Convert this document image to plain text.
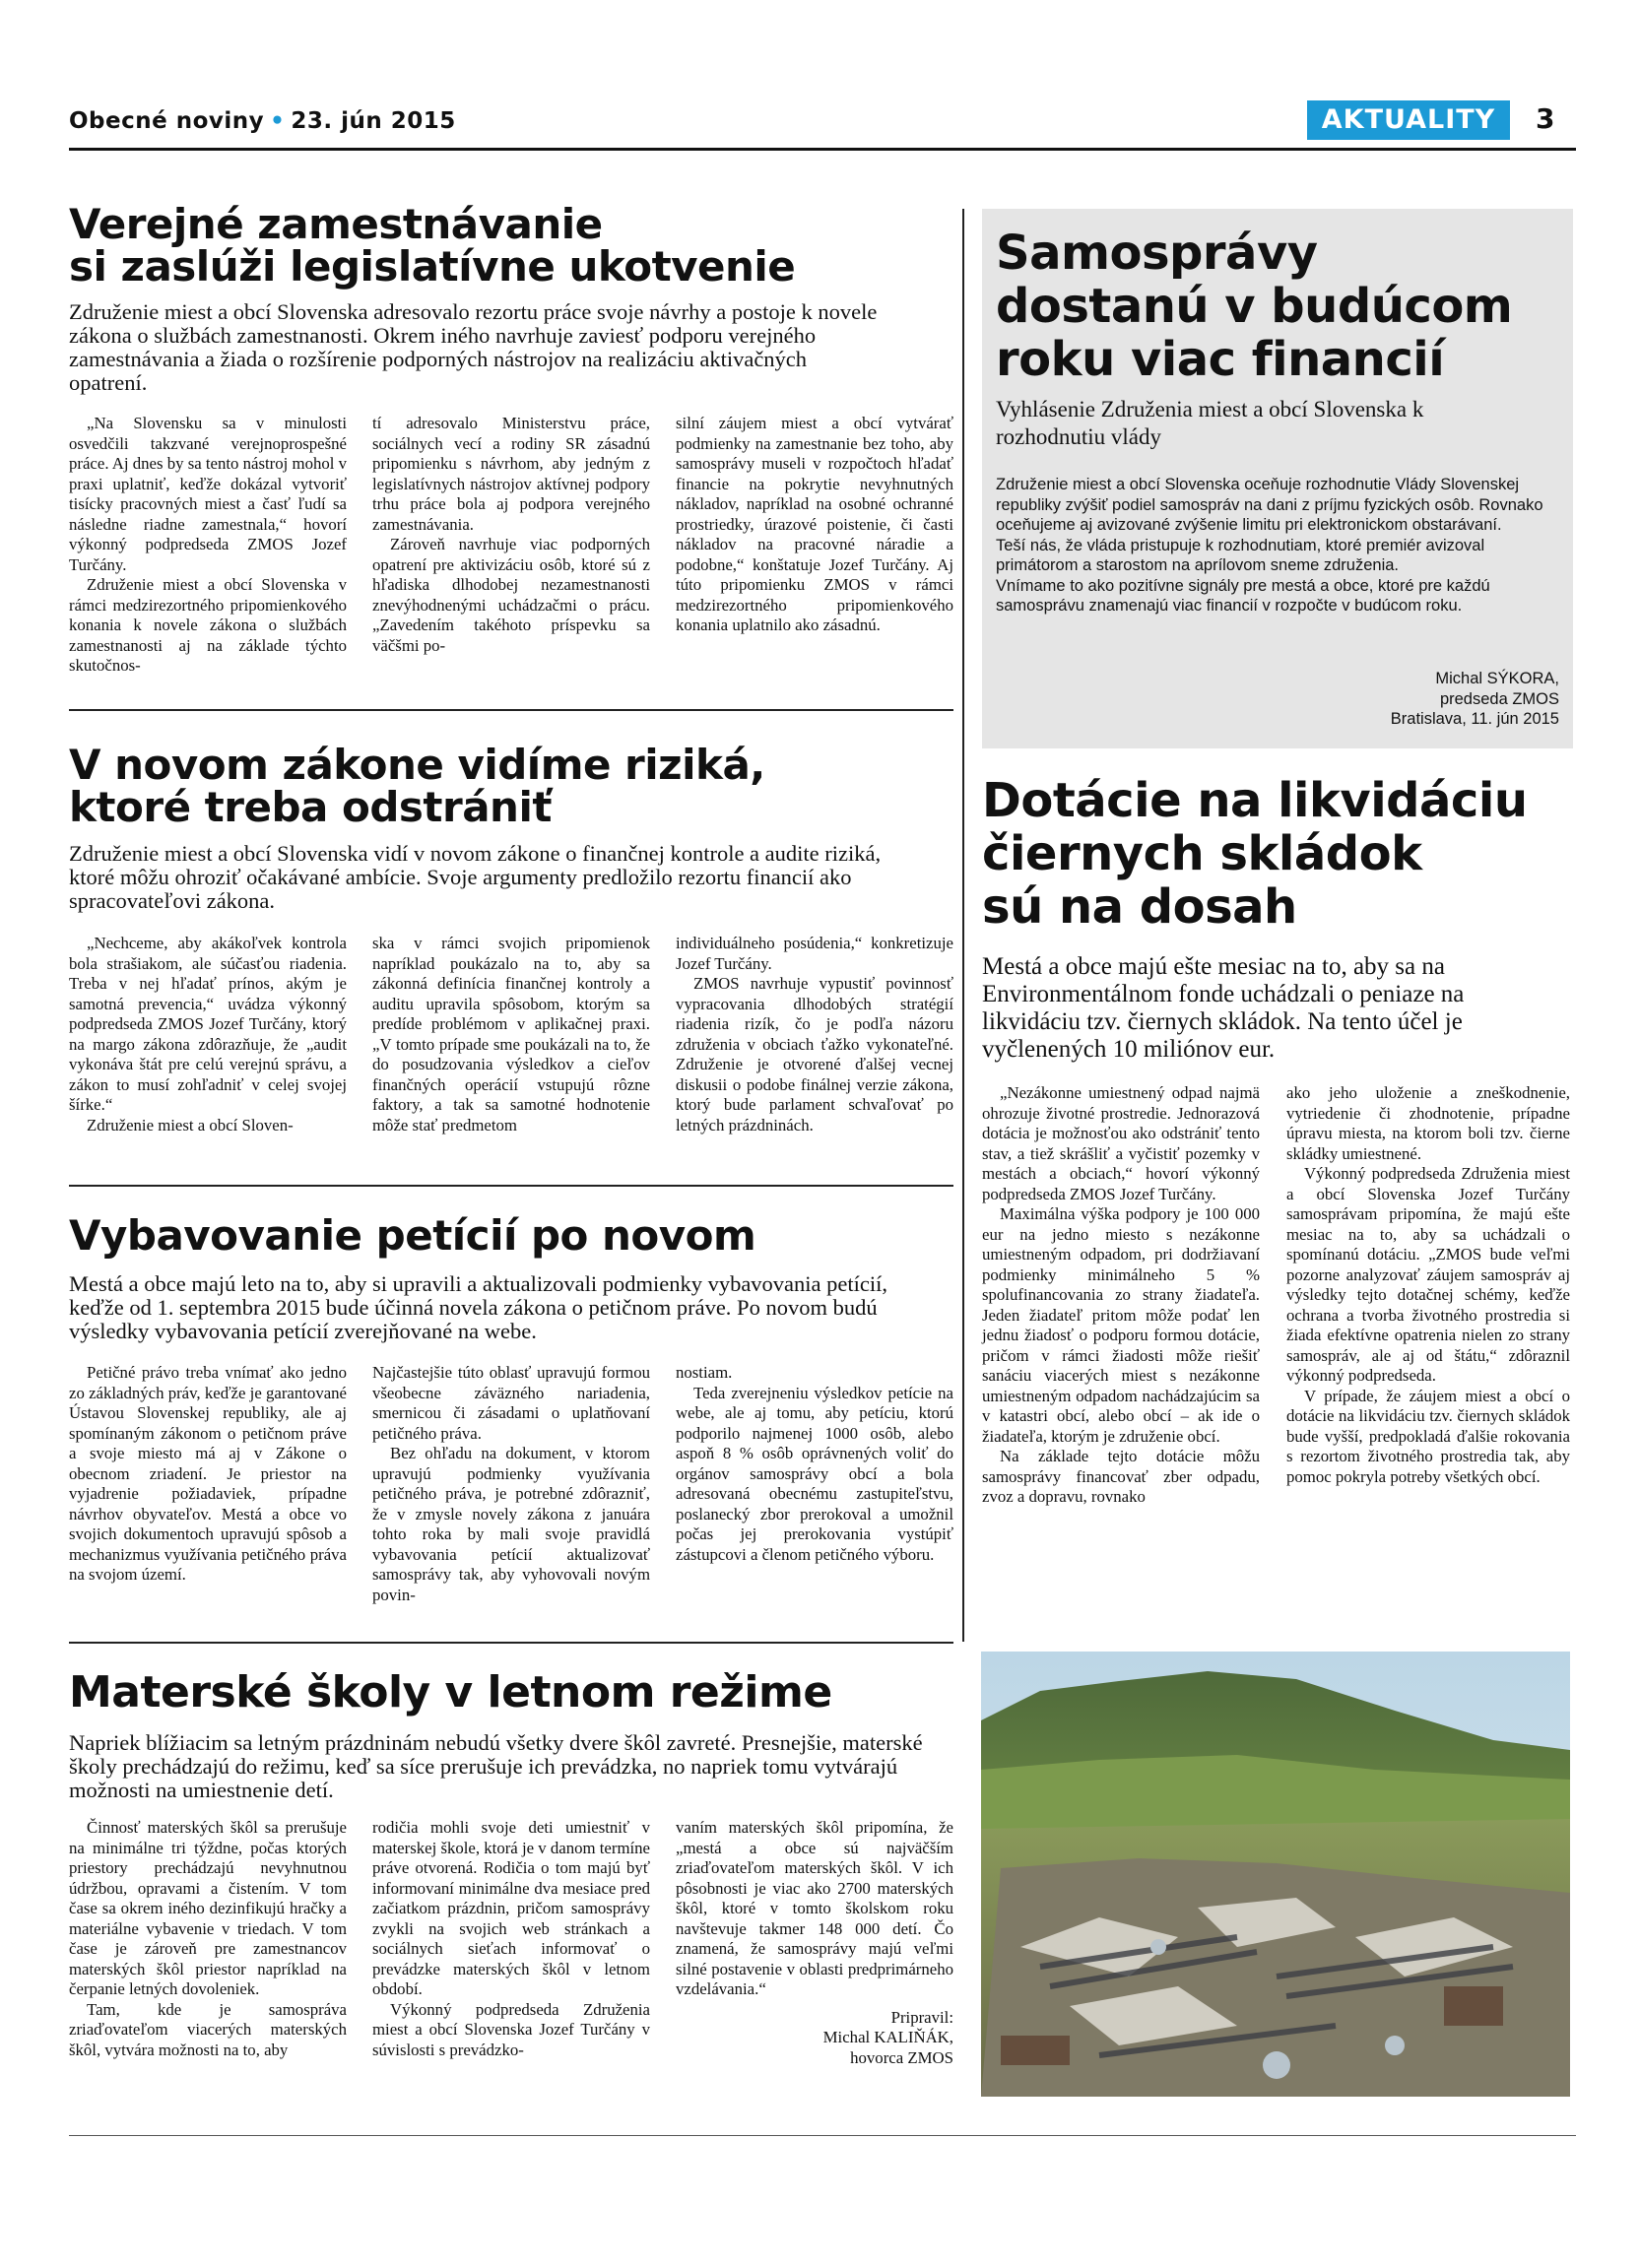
Obecné noviny • 23. jún 2015	AKTUALITY	3
Verejné zamestnávanie
si zaslúži legislatívne ukotvenie
Združenie miest a obcí Slovenska adresovalo rezortu práce svoje návrhy a postoje k novele zákona o službách zamestnanosti. Okrem iného navrhuje zaviesť podporu verejného zamestnávania a žiada o rozšírenie podporných nástrojov na realizáciu aktivačných opatrení.

„Na Slovensku sa v minulosti osvedčili takzvané verejnoprospešné práce. Aj dnes by sa tento nástroj mohol v praxi uplatniť, keďže dokázal vytvoriť tisícky pracovných miest a časť ľudí sa následne riadne zamestnala,“ hovorí výkonný podpredseda ZMOS Jozef Turčány.

Združenie miest a obcí Slovenska v rámci medzirezortného pripomienkového konania k novele zákona o službách zamestnanosti aj na základe týchto skutočnos-

tí adresovalo Ministerstvu práce, sociálnych vecí a rodiny SR zásadnú pripomienku s návrhom, aby jedným z legislatívnych nástrojov aktívnej podpory trhu práce bola aj podpora verejného zamestnávania.

Zároveň navrhuje viac podporných opatrení pre aktivizáciu osôb, ktoré sú z hľadiska dlhodobej nezamestnanosti znevýhodnenými uchádzačmi o prácu. „Zavedením takéhoto príspevku sa väčšmi po-

silní záujem miest a obcí vytvárať podmienky na zamestnanie bez toho, aby samosprávy museli v rozpočtoch hľadať financie na pokrytie nevyhnutných nákladov, napríklad na osobné ochranné prostriedky, úrazové poistenie, či časti nákladov na pracovné náradie a podobne,“ konštatuje Jozef Turčány. Aj túto pripomienku ZMOS v rámci medzirezortného pripomienkového konania uplatnilo ako zásadnú.

V novom zákone vidíme riziká,
ktoré treba odstrániť
Združenie miest a obcí Slovenska vidí v novom zákone o finančnej kontrole a audite riziká, ktoré môžu ohroziť očakávané ambície. Svoje argumenty predložilo rezortu financií ako spracovateľovi zákona.

„Nechceme, aby akákoľvek kontrola bola strašiakom, ale súčasťou riadenia. Treba v nej hľadať prínos, akým je samotná prevencia,“ uvádza výkonný podpredseda ZMOS Jozef Turčány, ktorý na margo zákona zdôrazňuje, že „audit vykonáva štát pre celú verejnú správu, a zákon to musí zohľadniť v celej svojej šírke.“

Združenie miest a obcí Sloven-

ska v rámci svojich pripomienok napríklad poukázalo na to, aby sa zákonná definícia finančnej kontroly a auditu upravila spôsobom, ktorým sa predíde problémom v aplikačnej praxi. „V tomto prípade sme poukázali na to, že do posudzovania výsledkov a cieľov finančných operácií vstupujú rôzne faktory, a tak sa samotné hodnotenie môže stať predmetom

individuálneho posúdenia,“ konkretizuje Jozef Turčány.

ZMOS navrhuje vypustiť povinnosť vypracovania dlhodobých stratégií riadenia rizík, čo je podľa názoru združenia v obciach ťažko vykonateľné. Združenie je otvorené ďalšej vecnej diskusii o podobe finálnej verzie zákona, ktorý bude parlament schvaľovať po letných prázdninách.

Vybavovanie petícií po novom
Mestá a obce majú leto na to, aby si upravili a aktualizovali podmienky vybavovania petícií, keďže od 1. septembra 2015 bude účinná novela zákona o petičnom práve. Po novom budú výsledky vybavovania petícií zverejňované na webe.

Petičné právo treba vnímať ako jedno zo základných práv, keďže je garantované Ústavou Slovenskej republiky, ale aj spomínaným zákonom o petičnom práve a svoje miesto má aj v Zákone o obecnom zriadení. Je priestor na vyjadrenie požiadaviek, prípadne návrhov obyvateľov. Mestá a obce vo svojich dokumentoch upravujú spôsob a mechanizmus využívania petičného práva na svojom území.

Najčastejšie túto oblasť upravujú formou všeobecne záväzného nariadenia, smernicou či zásadami o uplatňovaní petičného práva.

Bez ohľadu na dokument, v ktorom upravujú podmienky využívania petičného práva, je potrebné zdôrazniť, že v zmysle novely zákona z januára tohto roka by mali svoje pravidlá vybavovania petícií aktualizovať samosprávy tak, aby vyhovovali novým povin-

nostiam.

Teda zverejneniu výsledkov petície na webe, ale aj tomu, aby petíciu, ktorú podporilo najmenej 1000 osôb, alebo aspoň 8 % osôb oprávnených voliť do orgánov samosprávy obcí a bola adresovaná obecnému zastupiteľstvu, poslanecký zbor prerokoval a umožnil počas jej prerokovania vystúpiť zástupcovi a členom petičného výboru.

Materské školy v letnom režime
Napriek blížiacim sa letným prázdninám nebudú všetky dvere škôl zavreté. Presnejšie, materské školy prechádzajú do režimu, keď sa síce prerušuje ich prevádzka, no napriek tomu vytvárajú možnosti na umiestnenie detí.

Činnosť materských škôl sa prerušuje na minimálne tri týždne, počas ktorých priestory prechádzajú nevyhnutnou údržbou, opravami a čistením. V tom čase sa okrem iného dezinfikujú hračky a materiálne vybavenie v triedach. V tom čase je zároveň pre zamestnancov materských škôl priestor napríklad na čerpanie letných dovoleniek.

Tam, kde je samospráva zriaďovateľom viacerých materských škôl, vytvára možnosti na to, aby

rodičia mohli svoje deti umiestniť v materskej škole, ktorá je v danom termíne práve otvorená. Rodičia o tom majú byť informovaní minimálne dva mesiace pred začiatkom prázdnin, pričom samosprávy zvykli na svojich web stránkach a sociálnych sieťach informovať o prevádzke materských škôl v letnom období.

Výkonný podpredseda Združenia miest a obcí Slovenska Jozef Turčány v súvislosti s prevádzko-

vaním materských škôl pripomína, že „mestá a obce sú najväčším zriaďovateľom materských škôl. V ich pôsobnosti je viac ako 2700 materských škôl, ktoré v tomto školskom roku navštevuje takmer 148 000 detí. Čo znamená, že samosprávy majú veľmi silné postavenie v oblasti predprimárneho vzdelávania.“

Pripravil:
Michal KALIŇÁK,
hovorca ZMOS
Samosprávy
dostanú v budúcom
roku viac financií
Vyhlásenie Združenia miest a obcí Slovenska k rozhodnutiu vlády
Združenie miest a obcí Slovenska oceňuje rozhodnutie Vlády Slovenskej republiky zvýšiť podiel samospráv na dani z príjmu fyzických osôb. Rovnako oceňujeme aj avizované zvýšenie limitu pri elektronickom obstarávaní.
Teší nás, že vláda pristupuje k rozhodnutiam, ktoré premiér avizoval primátorom a starostom na aprílovom sneme združenia.
Vnímame to ako pozitívne signály pre mestá a obce, ktoré pre každú samosprávu znamenajú viac financií v rozpočte v budúcom roku.
Michal SÝKORA,
predseda ZMOS
Bratislava, 11. jún 2015
Dotácie na likvidáciu
čiernych skládok
sú na dosah
Mestá a obce majú ešte mesiac na to, aby sa na Environmentálnom fonde uchádzali o peniaze na likvidáciu tzv. čiernych skládok. Na tento účel je vyčlenených 10 miliónov eur.

„Nezákonne umiestnený odpad najmä ohrozuje životné prostredie. Jednorazová dotácia je možnosťou ako odstrániť tento stav, a tiež skrášliť a vyčistiť pozemky v mestách a obciach,“ hovorí výkonný podpredseda ZMOS Jozef Turčány.

Maximálna výška podpory je 100 000 eur na jedno miesto s nezákonne umiestneným odpadom, pri dodržiavaní podmienky minimálneho 5 % spolufinancovania zo strany žiadateľa. Jeden žiadateľ pritom môže podať len jednu žiadosť o podporu formou dotácie, pričom v rámci žiadosti môže riešiť sanáciu viacerých miest s nezákonne umiestneným odpadom nachádzajúcim sa v katastri obcí, alebo obcí – ak ide o žiadateľa, ktorým je združenie obcí.

Na základe tejto dotácie môžu samosprávy financovať zber odpadu, zvoz a dopravu, rovnako

ako jeho uloženie a zneškodnenie, vytriedenie či zhodnotenie, prípadne úpravu miesta, na ktorom boli tzv. čierne skládky umiestnené.

Výkonný podpredseda Združenia miest a obcí Slovenska Jozef Turčány samosprávam pripomína, že majú ešte mesiac na to, aby sa uchádzali o spomínanú dotáciu. „ZMOS bude veľmi pozorne analyzovať záujem samospráv aj výsledky tejto dotačnej schémy, keďže ochrana a tvorba životného prostredia si žiada efektívne opatrenia nielen zo strany samospráv, ale aj od štátu,“ zdôraznil výkonný podpredseda.

V prípade, že záujem miest a obcí o dotácie na likvidáciu tzv. čiernych skládok bude vyšší, predpokladá ďalšie rokovania s rezortom životného prostredia tak, aby pomoc pokryla potreby všetkých obcí.
